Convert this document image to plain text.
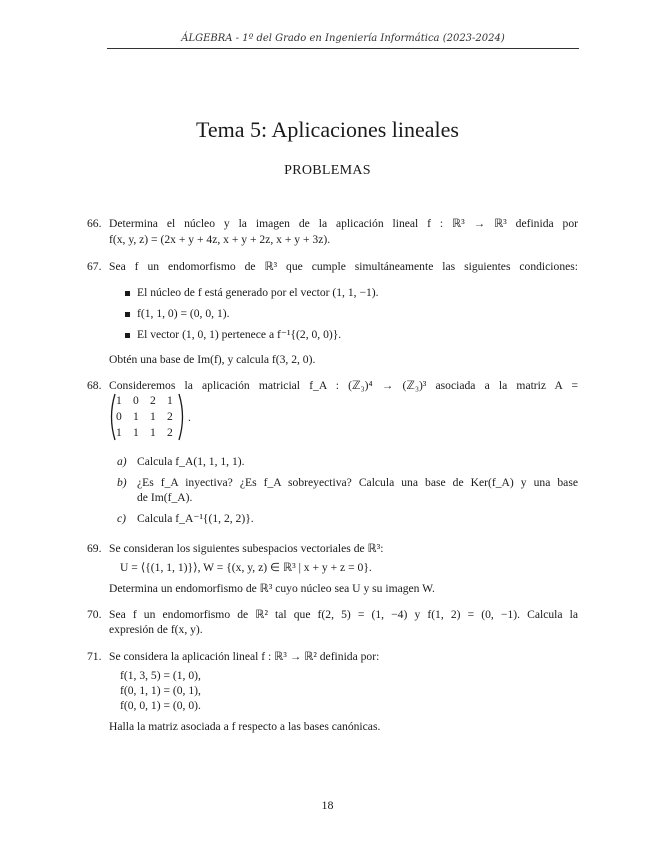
ÁLGEBRA - 1º del Grado en Ingeniería Informática (2023-2024)
Tema 5: Aplicaciones lineales
PROBLEMAS
66. Determina el núcleo y la imagen de la aplicación lineal f : ℝ³ → ℝ³ definida por
f(x, y, z) = (2x + y + 4z, x + y + 2z, x + y + 3z).
67. Sea f un endomorfismo de ℝ³ que cumple simultáneamente las siguientes condiciones:
El núcleo de f está generado por el vector (1, 1, −1).
f(1, 1, 0) = (0, 0, 1).
El vector (1, 0, 1) pertenece a f⁻¹{(2, 0, 0)}.
Obtén una base de Im(f), y calcula f(3, 2, 0).
68. Consideremos la aplicación matricial f_A : (ℤ₃)⁴ → (ℤ₃)³ asociada a la matriz A =
1 0 2 1
0 1 1 2
1 1 1 2
.
a) Calcula f_A(1, 1, 1, 1).
b) ¿Es f_A inyectiva? ¿Es f_A sobreyectiva? Calcula una base de Ker(f_A) y una base
de Im(f_A).
c) Calcula f_A⁻¹{(1, 2, 2)}.
69. Se consideran los siguientes subespacios vectoriales de ℝ³:
U = ⟨{(1, 1, 1)}⟩, W = {(x, y, z) ∈ ℝ³ | x + y + z = 0}.
Determina un endomorfismo de ℝ³ cuyo núcleo sea U y su imagen W.
70. Sea f un endomorfismo de ℝ² tal que f(2, 5) = (1, −4) y f(1, 2) = (0, −1). Calcula la
expresión de f(x, y).
71. Se considera la aplicación lineal f : ℝ³ → ℝ² definida por:
f(1, 3, 5) = (1, 0),
f(0, 1, 1) = (0, 1),
f(0, 0, 1) = (0, 0).
Halla la matriz asociada a f respecto a las bases canónicas.
18
